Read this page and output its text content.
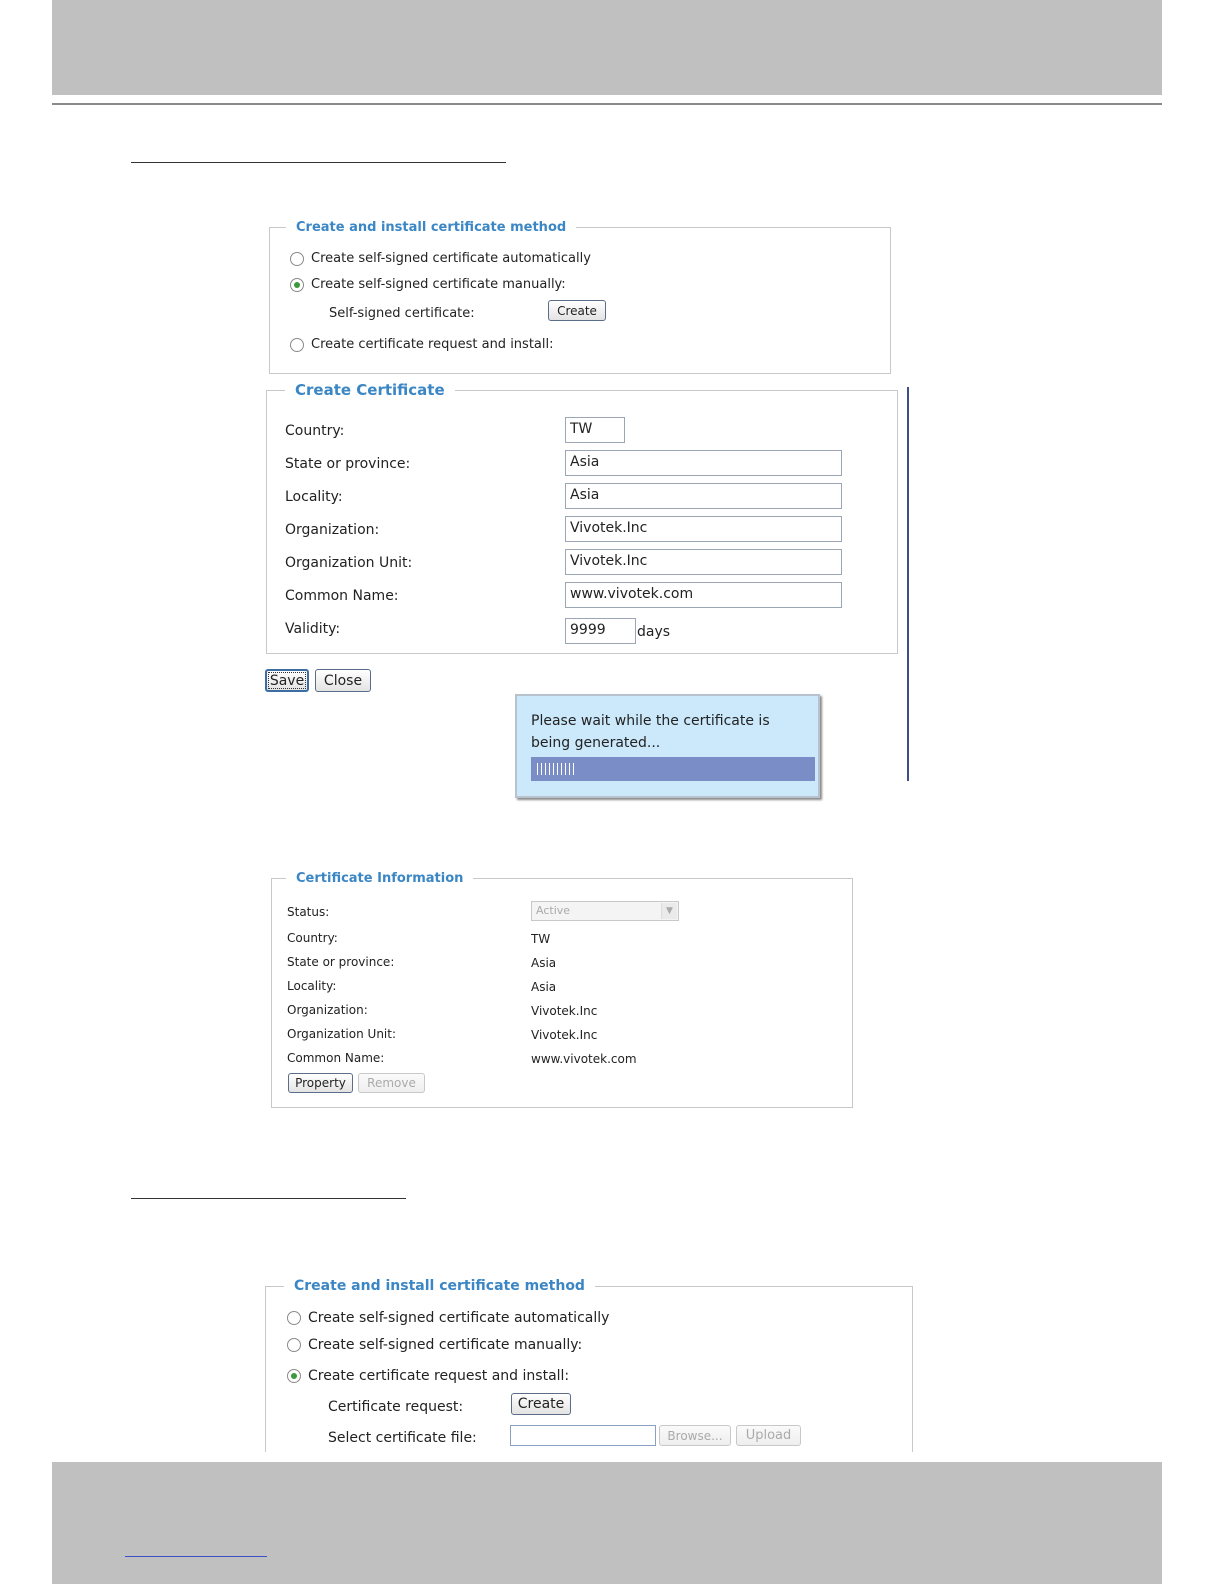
Create and install certificate method
Create self-signed certificate automatically
Create self-signed certificate manually:
Self-signed certificate:	Create
Create certificate request and install:
Create Certificate
Country:	TW
State or province:	Asia
Locality:	Asia
Organization:	Vivotek.Inc
Organization Unit:	Vivotek.Inc
Common Name:	www.vivotek.com
Validity:	9999	days
Save	Close
Please wait while the certificate is being generated...
Certificate Information
Status:	Active	▼
Country:	TW
State or province:	Asia
Locality:	Asia
Organization:	Vivotek.Inc
Organization Unit:	Vivotek.Inc
Common Name:	www.vivotek.com
Property	Remove
Create and install certificate method
Create self-signed certificate automatically
Create self-signed certificate manually:
Create certificate request and install:
Certificate request:	Create
Select certificate file:	Browse...	Upload
